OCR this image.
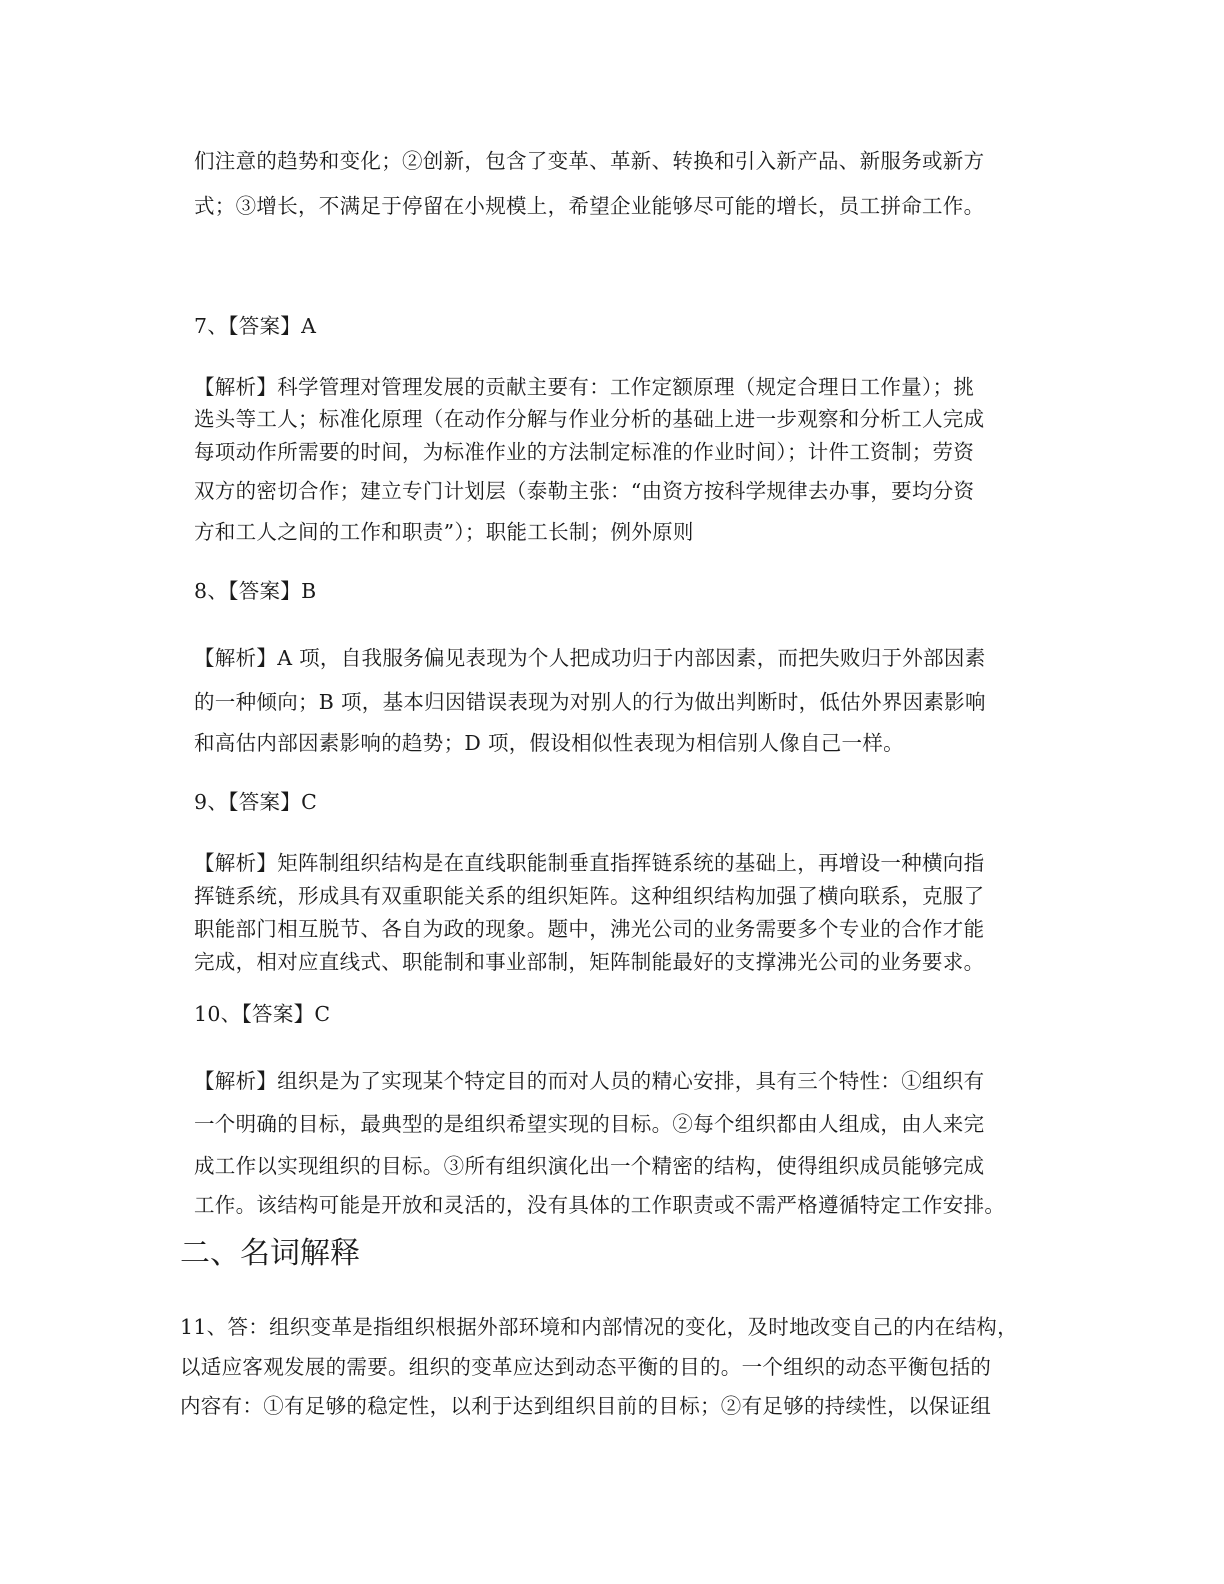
们注意的趋势和变化；②创新，包含了变革、革新、转换和引入新产品、新服务或新方
式；③增长，不满足于停留在小规模上，希望企业能够尽可能的增长，员工拼命工作。
7、【答案】A
【解析】科学管理对管理发展的贡献主要有：工作定额原理（规定合理日工作量）；挑
选头等工人；标准化原理（在动作分解与作业分析的基础上进一步观察和分析工人完成
每项动作所需要的时间，为标准作业的方法制定标准的作业时间）；计件工资制；劳资
双方的密切合作；建立专门计划层（泰勒主张：“由资方按科学规律去办事，要均分资
方和工人之间的工作和职责”）；职能工长制；例外原则
8、【答案】B
【解析】A 项，自我服务偏见表现为个人把成功归于内部因素，而把失败归于外部因素
的一种倾向；B 项，基本归因错误表现为对别人的行为做出判断时，低估外界因素影响
和高估内部因素影响的趋势；D 项，假设相似性表现为相信别人像自己一样。
9、【答案】C
【解析】矩阵制组织结构是在直线职能制垂直指挥链系统的基础上，再增设一种横向指
挥链系统，形成具有双重职能关系的组织矩阵。这种组织结构加强了横向联系，克服了
职能部门相互脱节、各自为政的现象。题中，沸光公司的业务需要多个专业的合作才能
完成，相对应直线式、职能制和事业部制，矩阵制能最好的支撑沸光公司的业务要求。
10、【答案】C
【解析】组织是为了实现某个特定目的而对人员的精心安排，具有三个特性：①组织有
一个明确的目标，最典型的是组织希望实现的目标。②每个组织都由人组成，由人来完
成工作以实现组织的目标。③所有组织演化出一个精密的结构，使得组织成员能够完成
工作。该结构可能是开放和灵活的，没有具体的工作职责或不需严格遵循特定工作安排。
二、名词解释
11、答：组织变革是指组织根据外部环境和内部情况的变化，及时地改变自己的内在结构，
以适应客观发展的需要。组织的变革应达到动态平衡的目的。一个组织的动态平衡包括的
内容有：①有足够的稳定性，以利于达到组织目前的目标；②有足够的持续性，以保证组
